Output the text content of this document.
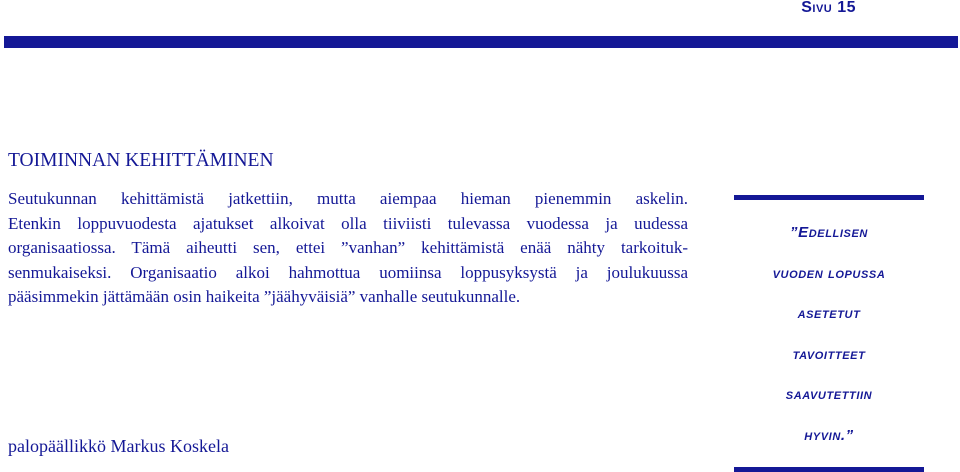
Sivu 15
TOIMINNAN KEHITTÄMINEN

Seutukunnan kehittämistä jatkettiin, mutta aiempaa hieman pienemmin askelin.
Etenkin loppuvuodesta ajatukset alkoivat olla tiiviisti tulevassa vuodessa ja uudessa
organisaatiossa. Tämä aiheutti sen, ettei ”vanhan” kehittämistä enää nähty tarkoituk-
senmukaiseksi. Organisaatio alkoi hahmottua uomiinsa loppusyksystä ja joulukuussa
pääsimmekin jättämään osin haikeita ”jäähyväisiä” vanhalle seutukunnalle.

palopäällikkö Markus Koskela

”Edellisen
vuoden lopussa
asetetut
tavoitteet
saavutettiin
hyvin.”
